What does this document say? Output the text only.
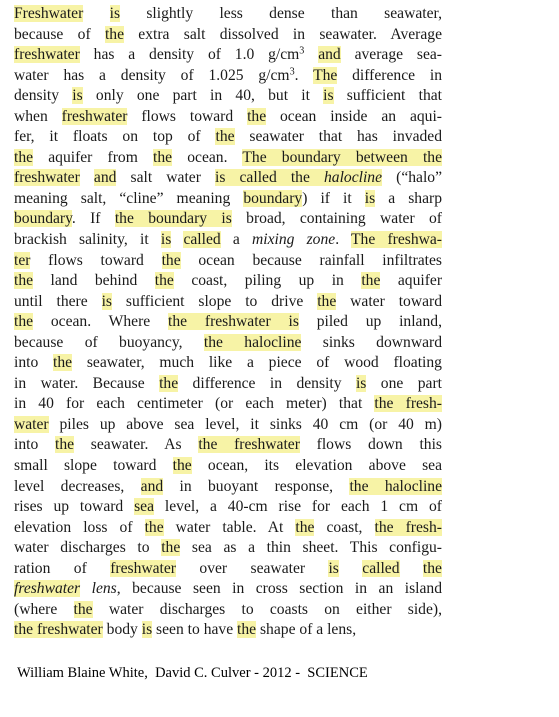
Freshwater is slightly less dense than seawater,
because of the extra salt dissolved in seawater. Average
freshwater has a density of 1.0 $g/cm^3$ and average sea-
water has a density of 1.025 $g/cm^3$. The difference in
density is only one part in 40, but it is sufficient that
when freshwater flows toward the ocean inside an aqui-
fer, it floats on top of the seawater that has invaded
the aquifer from the ocean. The boundary between the
freshwater and salt water is called the halocline (“halo”
meaning salt, “cline” meaning boundary) if it is a sharp
boundary. If the boundary is broad, containing water of
brackish salinity, it is called a mixing zone. The freshwa-
ter flows toward the ocean because rainfall infiltrates
the land behind the coast, piling up in the aquifer
until there is sufficient slope to drive the water toward
the ocean. Where the freshwater is piled up inland,
because of buoyancy, the halocline sinks downward
into the seawater, much like a piece of wood floating
in water. Because the difference in density is one part
in 40 for each centimeter (or each meter) that the fresh-
water piles up above sea level, it sinks 40 cm (or 40 m)
into the seawater. As the freshwater flows down this
small slope toward the ocean, its elevation above sea
level decreases, and in buoyant response, the halocline
rises up toward sea level, a 40-cm rise for each 1 cm of
elevation loss of the water table. At the coast, the fresh-
water discharges to the sea as a thin sheet. This configu-
ration of freshwater over seawater is called the
freshwater lens, because seen in cross section in an island
(where the water discharges to coasts on either side),
the freshwater body is seen to have the shape of a lens,
William Blaine White,  David C. Culver - 2012 -  SCIENCE
